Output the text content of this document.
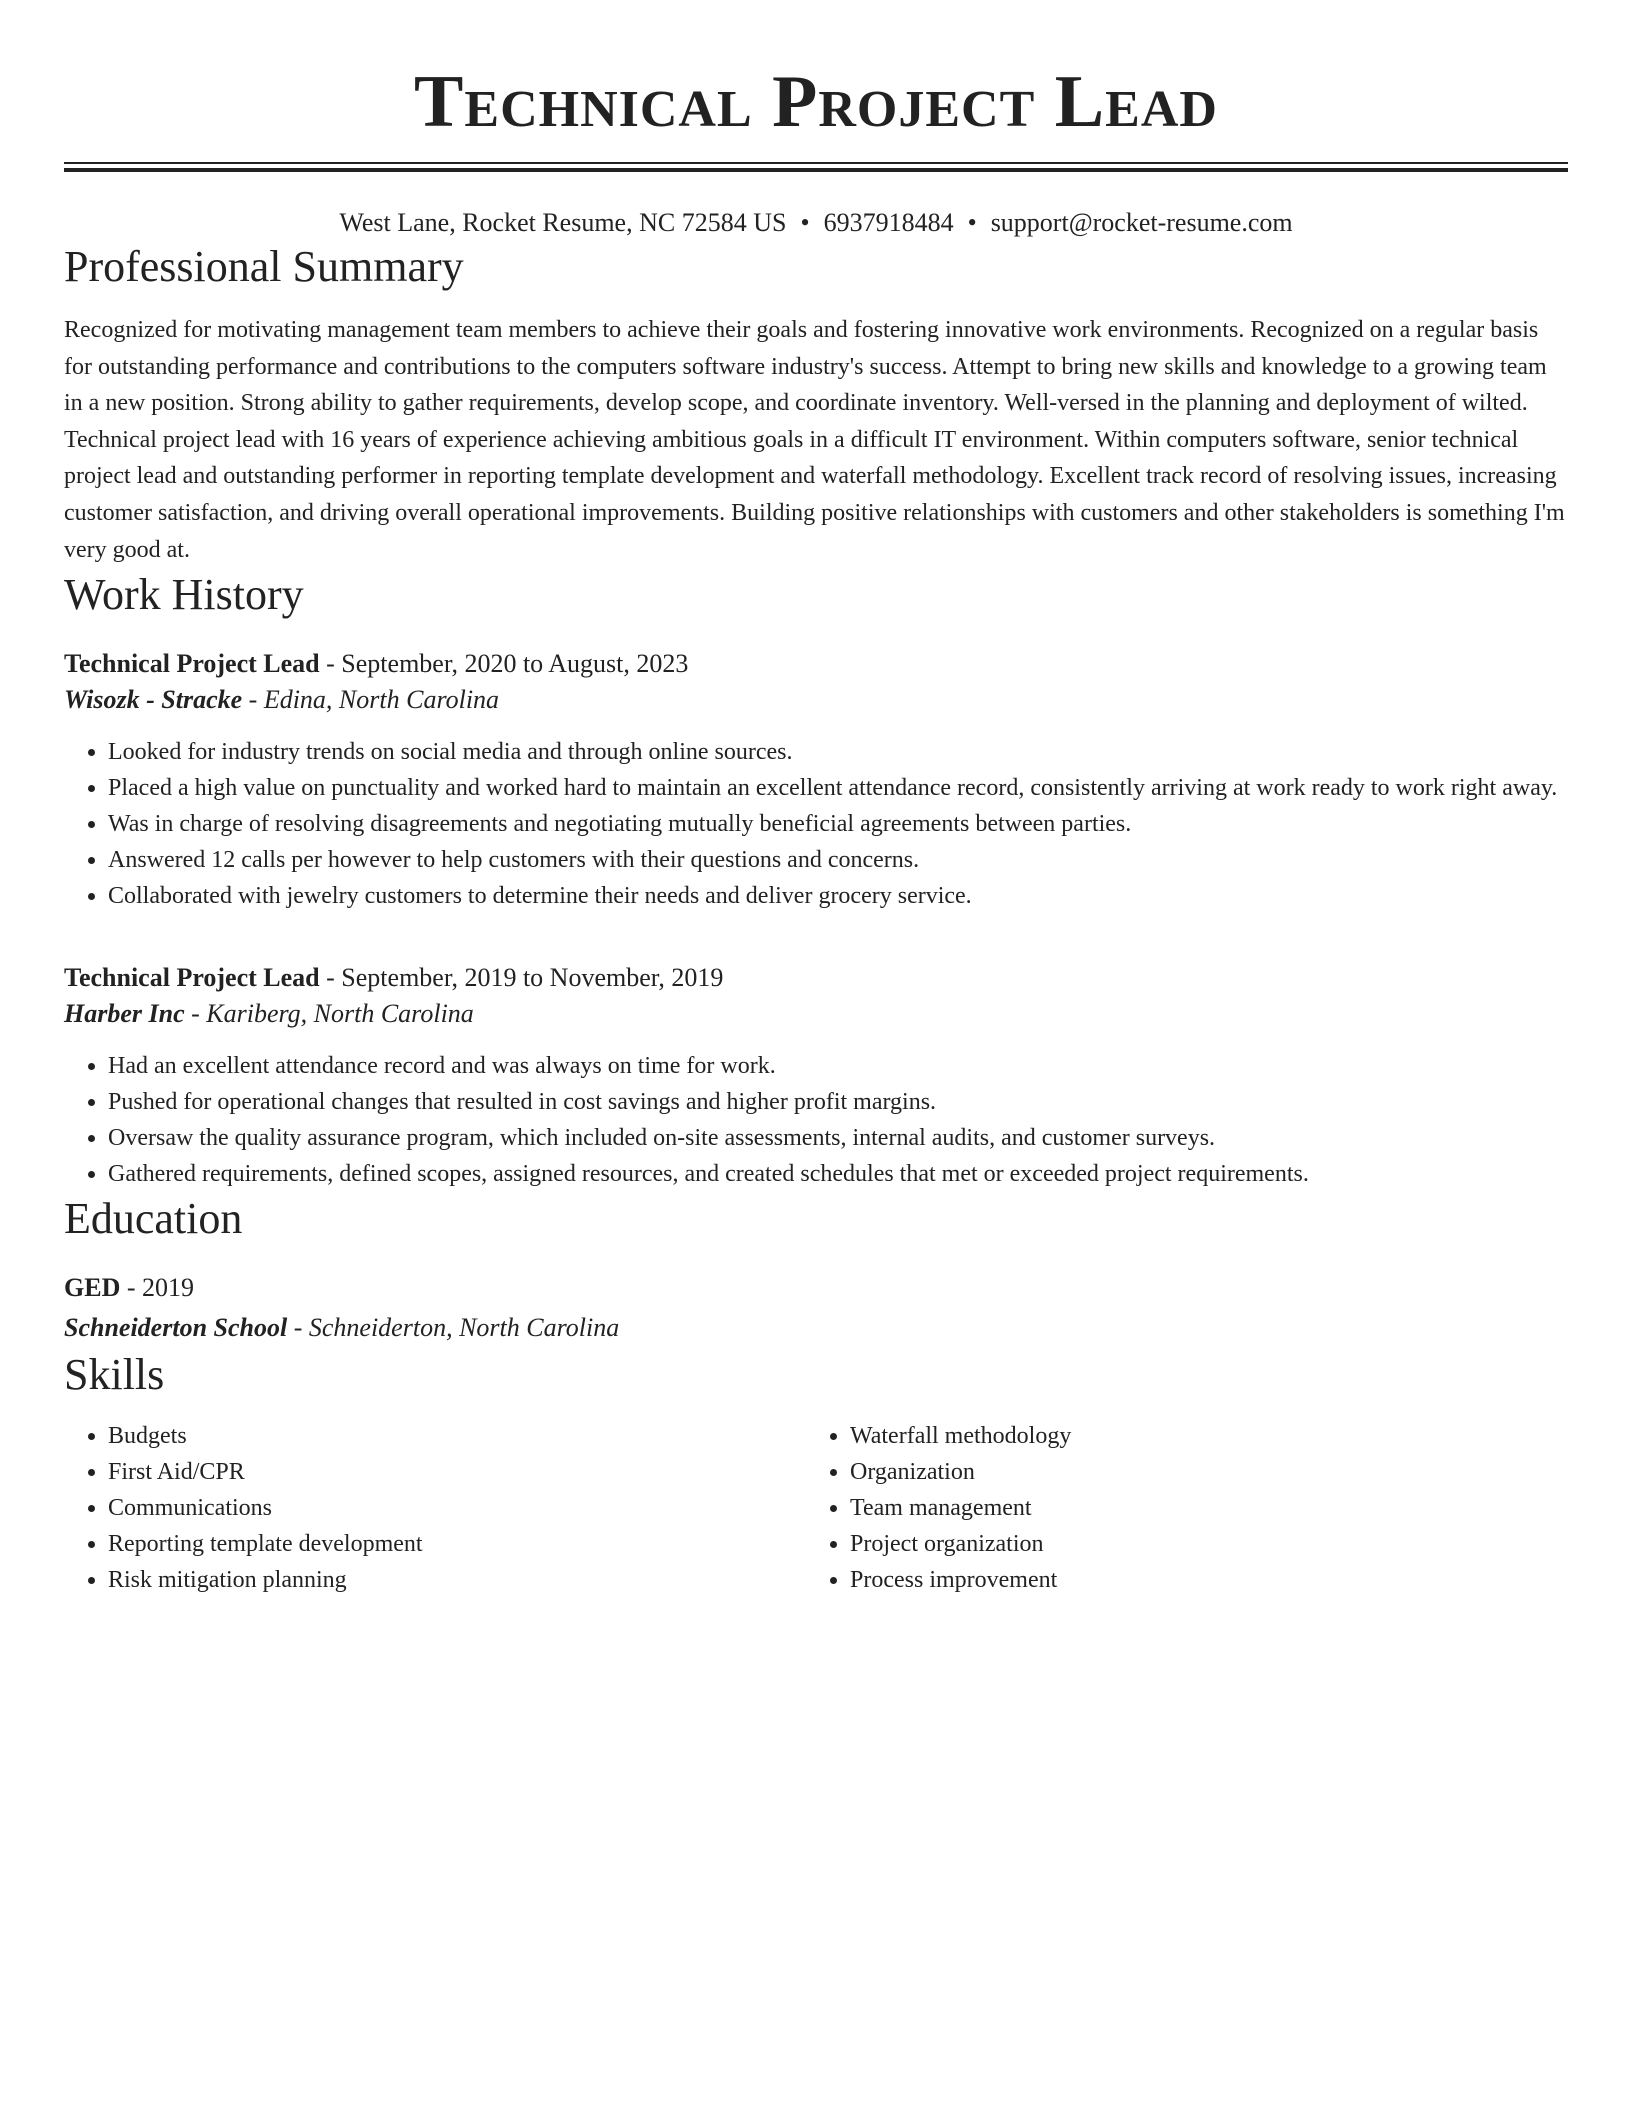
Technical Project Lead
West Lane, Rocket Resume, NC 72584 US • 6937918484 • support@rocket-resume.com
Professional Summary
Recognized for motivating management team members to achieve their goals and fostering innovative work environments. Recognized on a regular basis for outstanding performance and contributions to the computers software industry's success. Attempt to bring new skills and knowledge to a growing team in a new position. Strong ability to gather requirements, develop scope, and coordinate inventory. Well-versed in the planning and deployment of wilted. Technical project lead with 16 years of experience achieving ambitious goals in a difficult IT environment. Within computers software, senior technical project lead and outstanding performer in reporting template development and waterfall methodology. Excellent track record of resolving issues, increasing customer satisfaction, and driving overall operational improvements. Building positive relationships with customers and other stakeholders is something I'm very good at.
Work History
Technical Project Lead - September, 2020 to August, 2023
Wisozk - Stracke - Edina, North Carolina
• Looked for industry trends on social media and through online sources.
• Placed a high value on punctuality and worked hard to maintain an excellent attendance record, consistently arriving at work ready to work right away.
• Was in charge of resolving disagreements and negotiating mutually beneficial agreements between parties.
• Answered 12 calls per however to help customers with their questions and concerns.
• Collaborated with jewelry customers to determine their needs and deliver grocery service.
Technical Project Lead - September, 2019 to November, 2019
Harber Inc - Kariberg, North Carolina
• Had an excellent attendance record and was always on time for work.
• Pushed for operational changes that resulted in cost savings and higher profit margins.
• Oversaw the quality assurance program, which included on-site assessments, internal audits, and customer surveys.
• Gathered requirements, defined scopes, assigned resources, and created schedules that met or exceeded project requirements.
Education
GED - 2019
Schneiderton School - Schneiderton, North Carolina
Skills
• Budgets
• First Aid/CPR
• Communications
• Reporting template development
• Risk mitigation planning
• Waterfall methodology
• Organization
• Team management
• Project organization
• Process improvement
